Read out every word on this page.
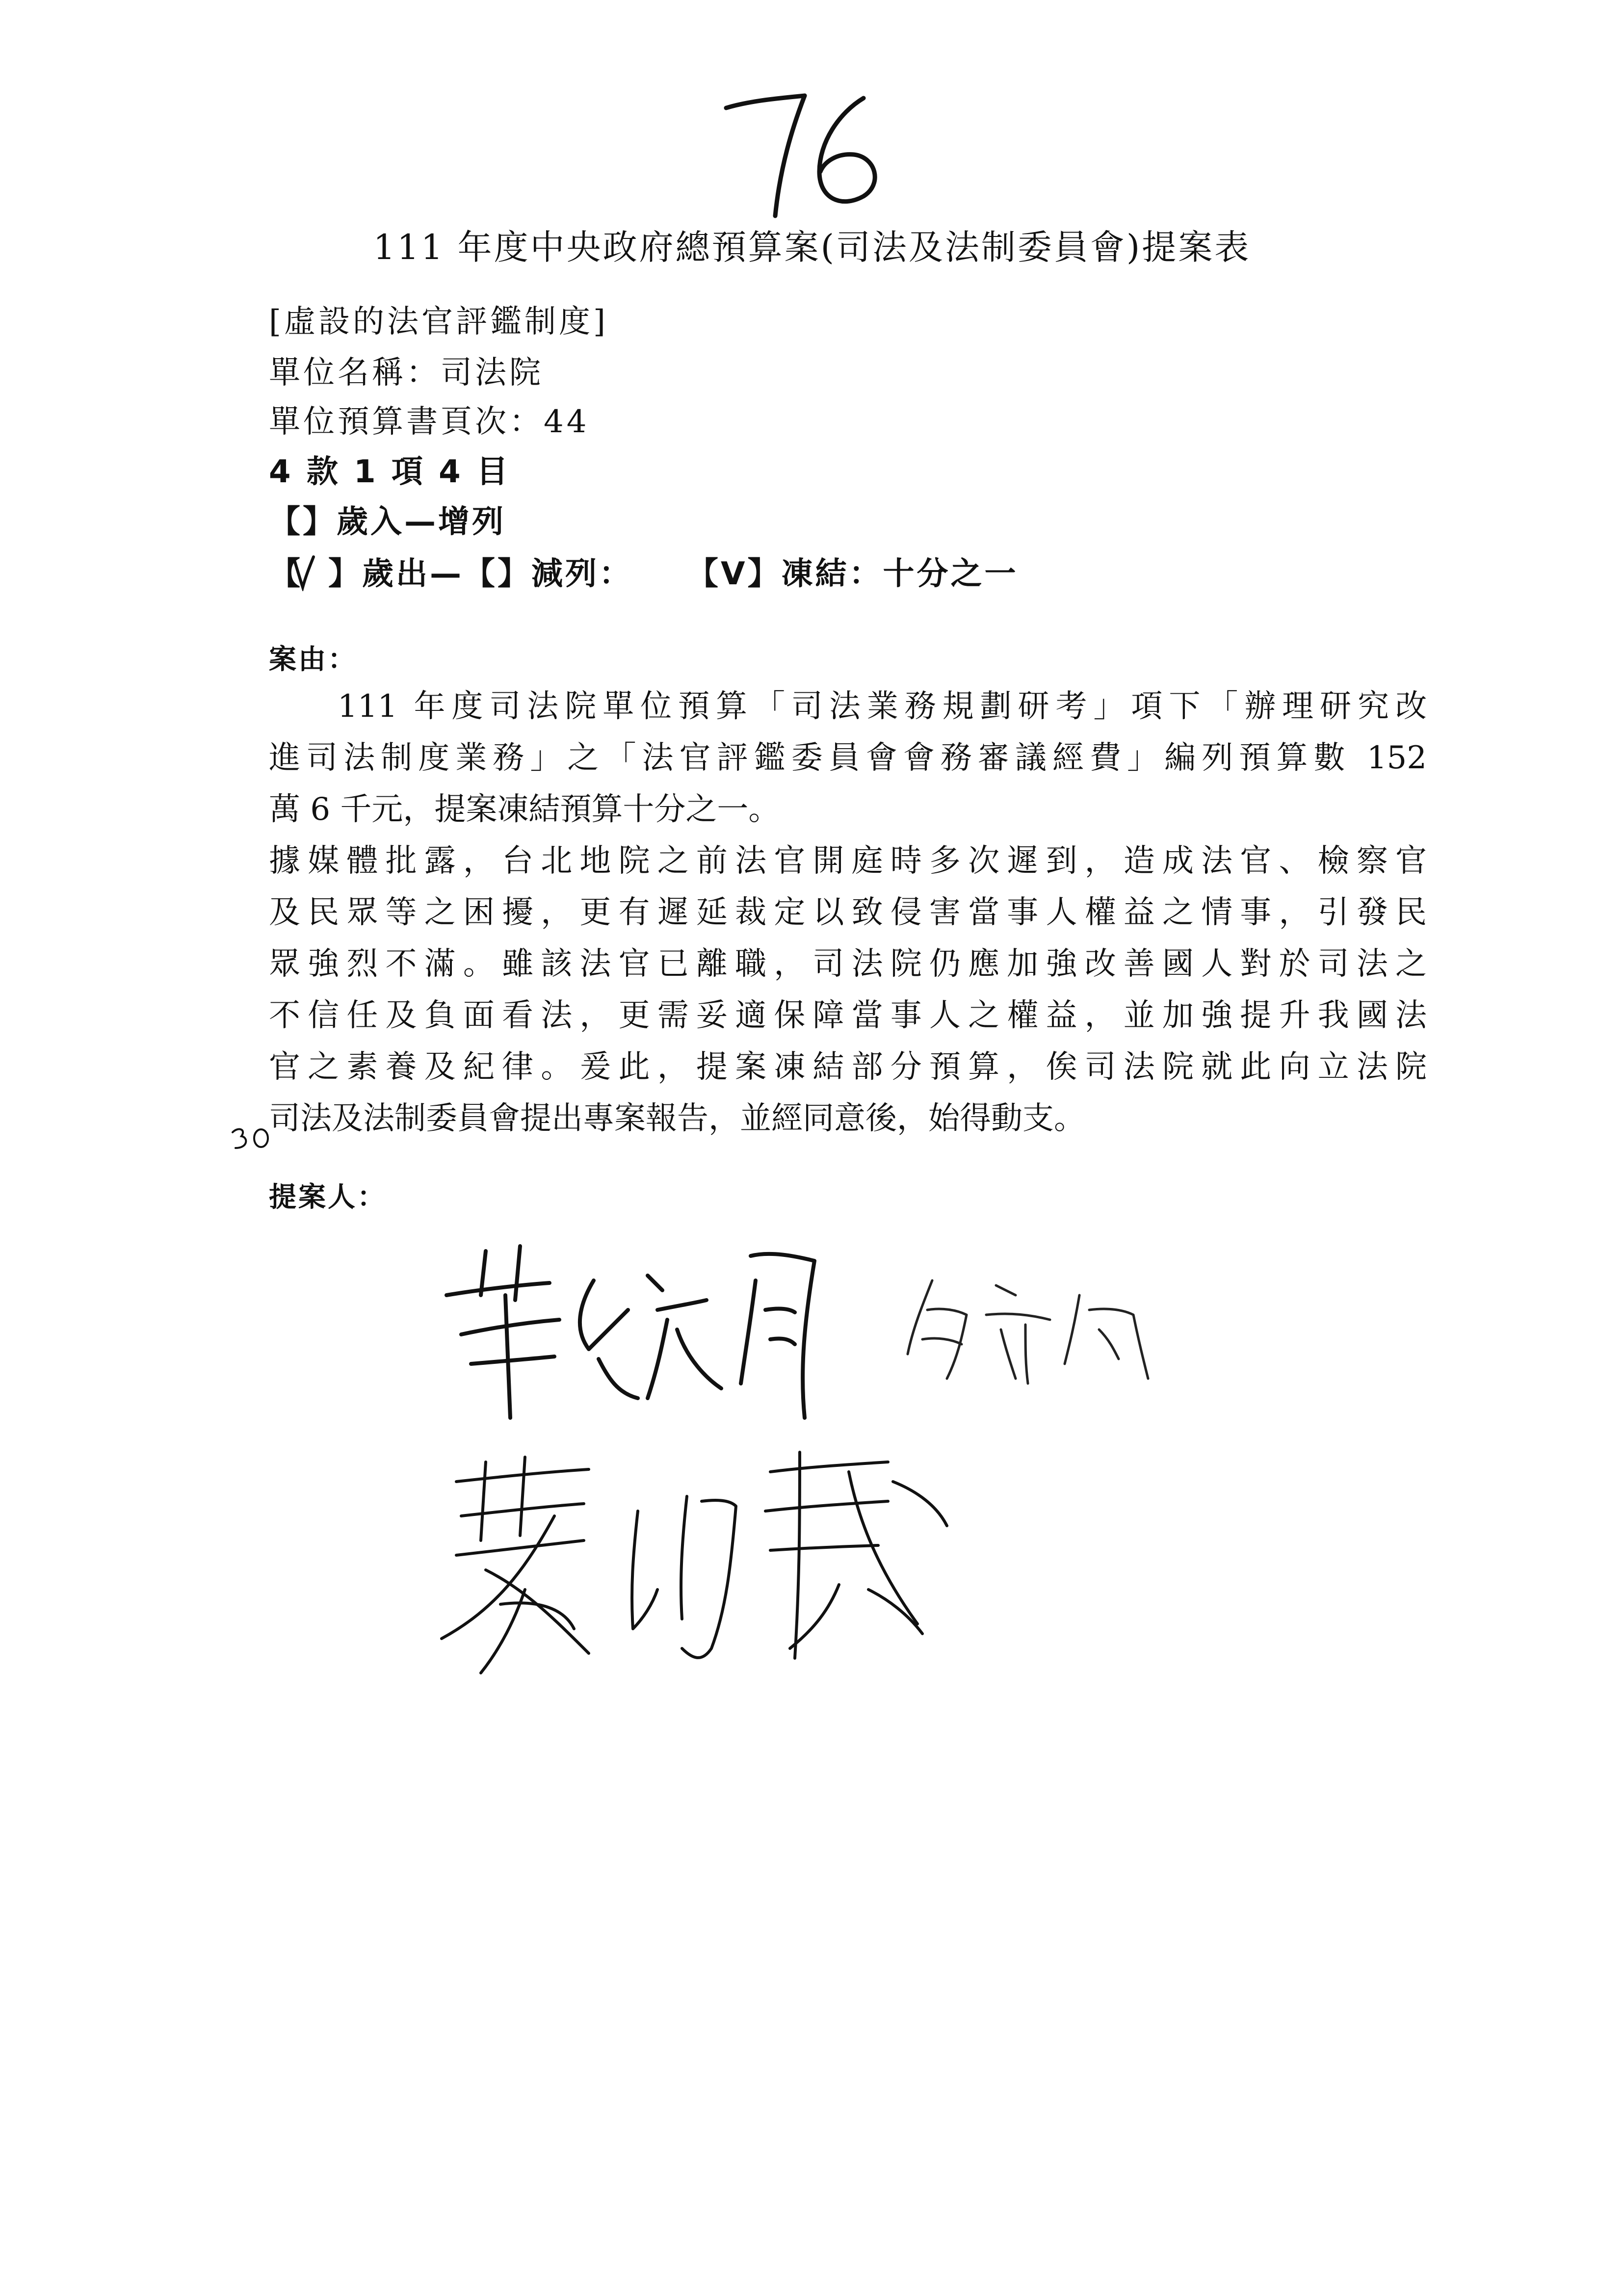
111 年度中央政府總預算案(司法及法制委員會)提案表
[虛設的法官評鑑制度]
單位名稱：司法院
單位預算書頁次：44
4 款 1 項 4 目
【】歲入—增列
【 】歲出—【】減列： 【V】凍結：十分之一
案由：
111 年度司法院單位預算「司法業務規劃研考」項下「辦理研究改
進司法制度業務」之「法官評鑑委員會會務審議經費」編列預算數 152
萬 6 千元，提案凍結預算十分之一。
據媒體批露，台北地院之前法官開庭時多次遲到，造成法官、檢察官
及民眾等之困擾，更有遲延裁定以致侵害當事人權益之情事，引發民
眾強烈不滿。雖該法官已離職，司法院仍應加強改善國人對於司法之
不信任及負面看法，更需妥適保障當事人之權益，並加強提升我國法
官之素養及紀律。爰此，提案凍結部分預算，俟司法院就此向立法院
司法及法制委員會提出專案報告，並經同意後，始得動支。
提案人：
